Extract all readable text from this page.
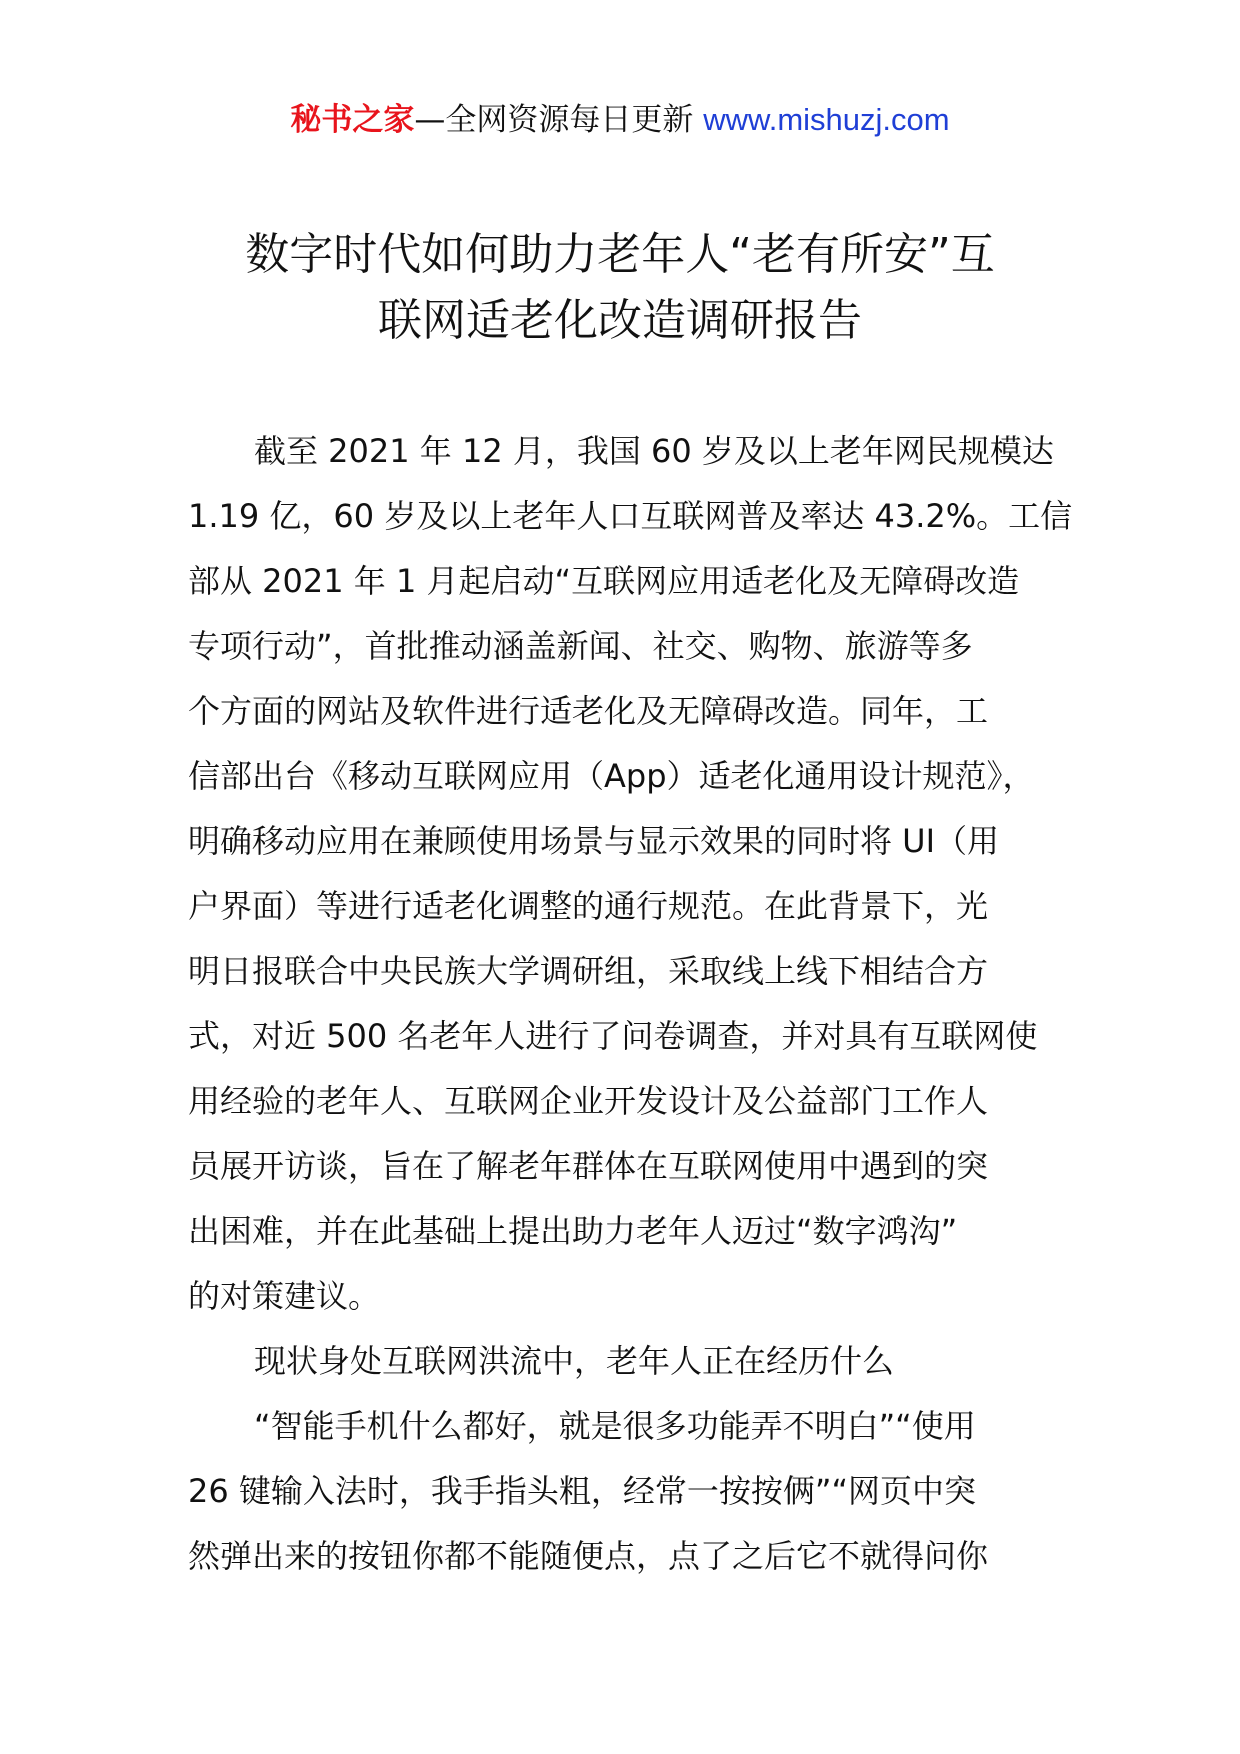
秘书之家—全网资源每日更新 www.mishuzj.com
数字时代如何助力老年人“老有所安”互
联网适老化改造调研报告
截至 2021 年 12 月，我国 60 岁及以上老年网民规模达
1.19 亿，60 岁及以上老年人口互联网普及率达 43.2%。工信
部从 2021 年 1 月起启动“互联网应用适老化及无障碍改造
专项行动”，首批推动涵盖新闻、社交、购物、旅游等多
个方面的网站及软件进行适老化及无障碍改造。同年，工
信部出台《移动互联网应用（App）适老化通用设计规范》，
明确移动应用在兼顾使用场景与显示效果的同时将 UI（用
户界面）等进行适老化调整的通行规范。在此背景下，光
明日报联合中央民族大学调研组，采取线上线下相结合方
式，对近 500 名老年人进行了问卷调查，并对具有互联网使
用经验的老年人、互联网企业开发设计及公益部门工作人
员展开访谈，旨在了解老年群体在互联网使用中遇到的突
出困难，并在此基础上提出助力老年人迈过“数字鸿沟”
的对策建议。
现状身处互联网洪流中，老年人正在经历什么
“智能手机什么都好，就是很多功能弄不明白”“使用
26 键输入法时，我手指头粗，经常一按按俩”“网页中突
然弹出来的按钮你都不能随便点，点了之后它不就得问你
